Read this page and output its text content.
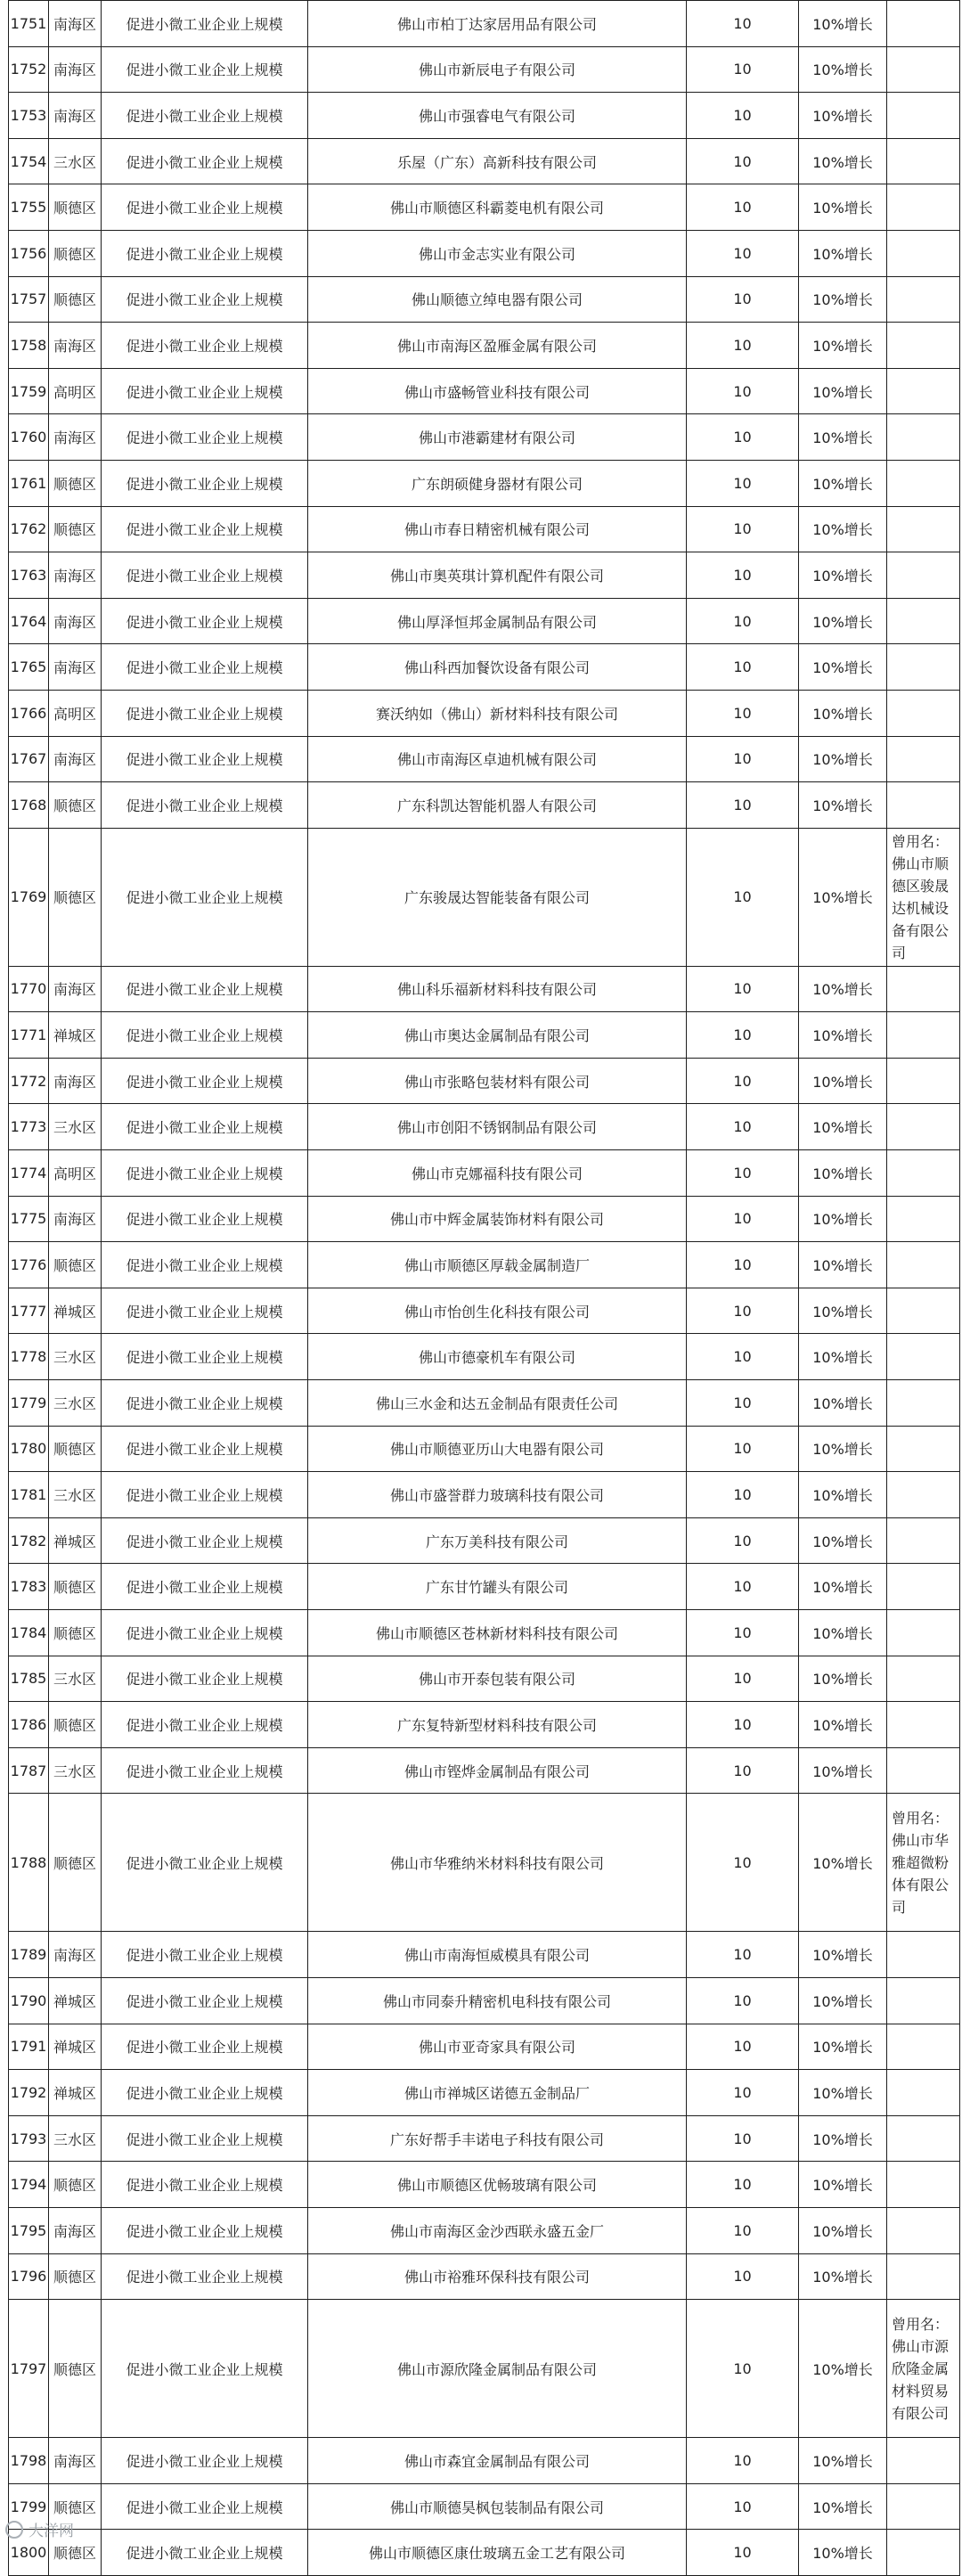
1751	南海区	促进小微工业企业上规模	佛山市柏丁达家居用品有限公司	10	10%增长	
1752	南海区	促进小微工业企业上规模	佛山市新辰电子有限公司	10	10%增长	
1753	南海区	促进小微工业企业上规模	佛山市强睿电气有限公司	10	10%增长	
1754	三水区	促进小微工业企业上规模	乐屋（广东）高新科技有限公司	10	10%增长	
1755	顺德区	促进小微工业企业上规模	佛山市顺德区科霸菱电机有限公司	10	10%增长	
1756	顺德区	促进小微工业企业上规模	佛山市金志实业有限公司	10	10%增长	
1757	顺德区	促进小微工业企业上规模	佛山顺德立绰电器有限公司	10	10%增长	
1758	南海区	促进小微工业企业上规模	佛山市南海区盈雁金属有限公司	10	10%增长	
1759	高明区	促进小微工业企业上规模	佛山市盛畅管业科技有限公司	10	10%增长	
1760	南海区	促进小微工业企业上规模	佛山市港霸建材有限公司	10	10%增长	
1761	顺德区	促进小微工业企业上规模	广东朗硕健身器材有限公司	10	10%增长	
1762	顺德区	促进小微工业企业上规模	佛山市春日精密机械有限公司	10	10%增长	
1763	南海区	促进小微工业企业上规模	佛山市奥英琪计算机配件有限公司	10	10%增长	
1764	南海区	促进小微工业企业上规模	佛山厚泽恒邦金属制品有限公司	10	10%增长	
1765	南海区	促进小微工业企业上规模	佛山科西加餐饮设备有限公司	10	10%增长	
1766	高明区	促进小微工业企业上规模	赛沃纳如（佛山）新材料科技有限公司	10	10%增长	
1767	南海区	促进小微工业企业上规模	佛山市南海区卓迪机械有限公司	10	10%增长	
1768	顺德区	促进小微工业企业上规模	广东科凯达智能机器人有限公司	10	10%增长	
1769	顺德区	促进小微工业企业上规模	广东骏晟达智能装备有限公司	10	10%增长	曾用名：佛山市顺德区骏晟达机械设备有限公司
1770	南海区	促进小微工业企业上规模	佛山科乐福新材料科技有限公司	10	10%增长	
1771	禅城区	促进小微工业企业上规模	佛山市奥达金属制品有限公司	10	10%增长	
1772	南海区	促进小微工业企业上规模	佛山市张略包装材料有限公司	10	10%增长	
1773	三水区	促进小微工业企业上规模	佛山市创阳不锈钢制品有限公司	10	10%增长	
1774	高明区	促进小微工业企业上规模	佛山市克娜福科技有限公司	10	10%增长	
1775	南海区	促进小微工业企业上规模	佛山市中辉金属装饰材料有限公司	10	10%增长	
1776	顺德区	促进小微工业企业上规模	佛山市顺德区厚载金属制造厂	10	10%增长	
1777	禅城区	促进小微工业企业上规模	佛山市怡创生化科技有限公司	10	10%增长	
1778	三水区	促进小微工业企业上规模	佛山市德豪机车有限公司	10	10%增长	
1779	三水区	促进小微工业企业上规模	佛山三水金和达五金制品有限责任公司	10	10%增长	
1780	顺德区	促进小微工业企业上规模	佛山市顺德亚历山大电器有限公司	10	10%增长	
1781	三水区	促进小微工业企业上规模	佛山市盛誉群力玻璃科技有限公司	10	10%增长	
1782	禅城区	促进小微工业企业上规模	广东万美科技有限公司	10	10%增长	
1783	顺德区	促进小微工业企业上规模	广东甘竹罐头有限公司	10	10%增长	
1784	顺德区	促进小微工业企业上规模	佛山市顺德区苍林新材料科技有限公司	10	10%增长	
1785	三水区	促进小微工业企业上规模	佛山市开泰包装有限公司	10	10%增长	
1786	顺德区	促进小微工业企业上规模	广东复特新型材料科技有限公司	10	10%增长	
1787	三水区	促进小微工业企业上规模	佛山市铿烨金属制品有限公司	10	10%增长	
1788	顺德区	促进小微工业企业上规模	佛山市华雅纳米材料科技有限公司	10	10%增长	曾用名：佛山市华雅超微粉体有限公司
1789	南海区	促进小微工业企业上规模	佛山市南海恒威模具有限公司	10	10%增长	
1790	禅城区	促进小微工业企业上规模	佛山市同泰升精密机电科技有限公司	10	10%增长	
1791	禅城区	促进小微工业企业上规模	佛山市亚奇家具有限公司	10	10%增长	
1792	禅城区	促进小微工业企业上规模	佛山市禅城区诺德五金制品厂	10	10%增长	
1793	三水区	促进小微工业企业上规模	广东好帮手丰诺电子科技有限公司	10	10%增长	
1794	顺德区	促进小微工业企业上规模	佛山市顺德区优畅玻璃有限公司	10	10%增长	
1795	南海区	促进小微工业企业上规模	佛山市南海区金沙西联永盛五金厂	10	10%增长	
1796	顺德区	促进小微工业企业上规模	佛山市裕雅环保科技有限公司	10	10%增长	
1797	顺德区	促进小微工业企业上规模	佛山市源欣隆金属制品有限公司	10	10%增长	曾用名：佛山市源欣隆金属材料贸易有限公司
1798	南海区	促进小微工业企业上规模	佛山市森宜金属制品有限公司	10	10%增长	
1799	顺德区	促进小微工业企业上规模	佛山市顺德昊枫包装制品有限公司	10	10%增长	
1800	顺德区	促进小微工业企业上规模	佛山市顺德区康仕玻璃五金工艺有限公司	10	10%增长	
大洋网
